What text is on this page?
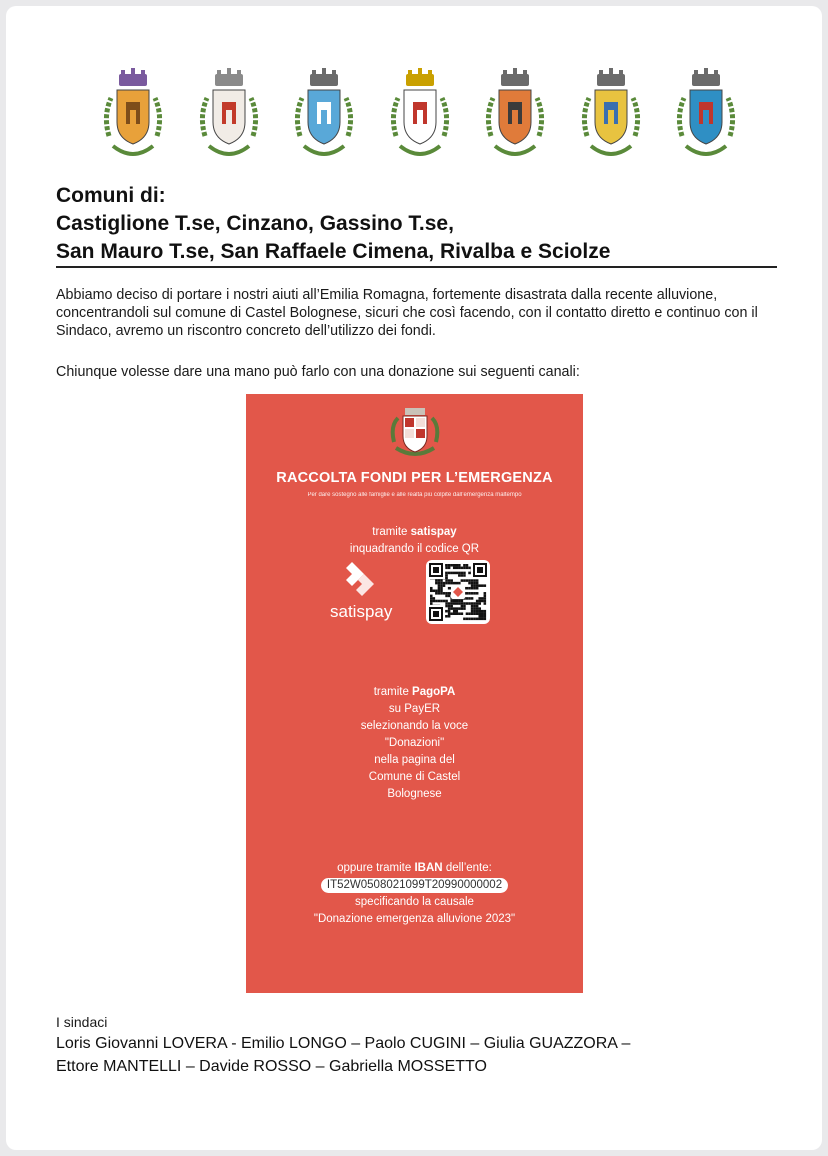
Comuni di:
Castiglione T.se, Cinzano, Gassino T.se,
San Mauro T.se, San Raffaele Cimena, Rivalba e Sciolze
Abbiamo deciso di portare i nostri aiuti all’Emilia Romagna, fortemente disastrata dalla recente alluvione, concentrandoli sul comune di Castel Bolognese, sicuri che così facendo, con il contatto diretto e continuo con il Sindaco, avremo un riscontro concreto dell’utilizzo dei fondi.
Chiunque volesse dare una mano può farlo con una donazione sui seguenti canali:
RACCOLTA FONDI PER L’EMERGENZA
Per dare sostegno alle famiglie e alle realtà più colpite dall’emergenza maltempo
tramite satispay
inquadrando il codice QR
satispay
tramite PagoPA
su PayER
selezionando la voce
"Donazioni"
nella pagina del
Comune di Castel
Bolognese
oppure tramite IBAN dell’ente:
IT52W0508021099T20990000002
specificando la causale
"Donazione emergenza alluvione 2023"
I sindaci
Loris Giovanni LOVERA - Emilio LONGO – Paolo CUGINI – Giulia GUAZZORA –
Ettore MANTELLI – Davide ROSSO – Gabriella MOSSETTO
